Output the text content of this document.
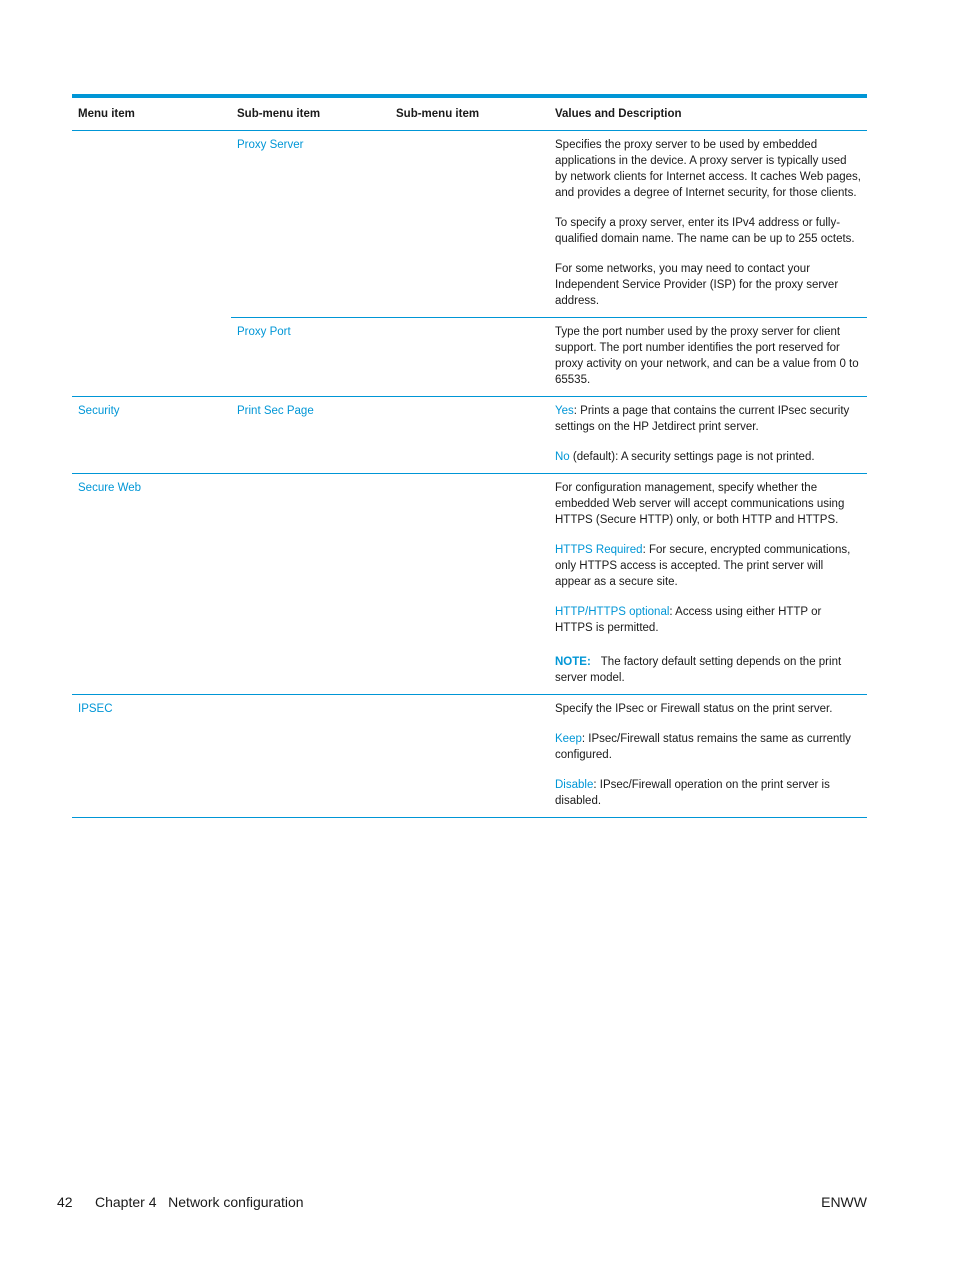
Menu item	Sub-menu item	Sub-menu item	Values and Description
	Proxy Server		Specifies the proxy server to be used by embedded applications in the device. A proxy server is typically used by network clients for Internet access. It caches Web pages, and provides a degree of Internet security, for those clients.

To specify a proxy server, enter its IPv4 address or fully-qualified domain name. The name can be up to 255 octets.

For some networks, you may need to contact your Independent Service Provider (ISP) for the proxy server address.

	Proxy Port		Type the port number used by the proxy server for client support. The port number identifies the port reserved for proxy activity on your network, and can be a value from 0 to 65535.

Security	Print Sec Page		Yes: Prints a page that contains the current IPsec security settings on the HP Jetdirect print server.

No (default): A security settings page is not printed.

Secure Web			For configuration management, specify whether the embedded Web server will accept communications using HTTPS (Secure HTTP) only, or both HTTP and HTTPS.

HTTPS Required: For secure, encrypted communications, only HTTPS access is accepted. The print server will appear as a secure site.

HTTP/HTTPS optional: Access using either HTTP or HTTPS is permitted.

NOTE: The factory default setting depends on the print server model.

IPSEC			Specify the IPsec or Firewall status on the print server.

Keep: IPsec/Firewall status remains the same as currently configured.

Disable: IPsec/Firewall operation on the print server is disabled.

42 Chapter 4   Network configuration	ENWW
